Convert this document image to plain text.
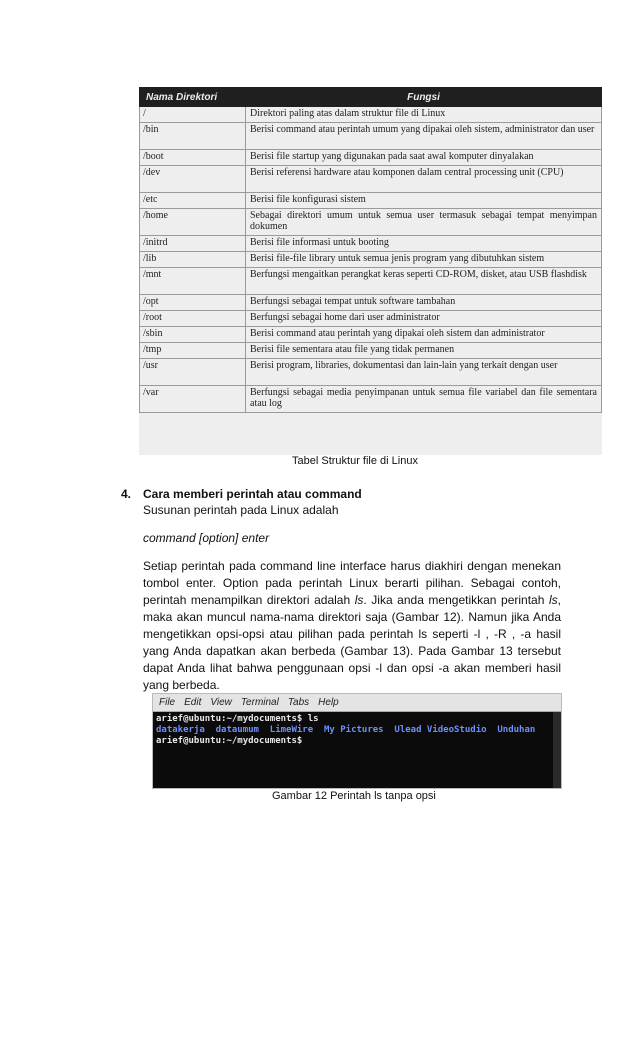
Nama Direktori	Fungsi
/	Direktori paling atas dalam struktur file di Linux
/bin	Berisi command atau perintah umum yang dipakai oleh sistem, administrator dan user
/boot	Berisi file startup yang digunakan pada saat awal komputer dinyalakan
/dev	Berisi referensi hardware atau komponen dalam central processing unit (CPU)
/etc	Berisi file konfigurasi sistem
/home	Sebagai direktori umum untuk semua user termasuk sebagai tempat menyimpan dokumen
/initrd	Berisi file informasi untuk booting
/lib	Berisi file-file library untuk semua jenis program yang dibutuhkan sistem
/mnt	Berfungsi mengaitkan perangkat keras seperti CD-ROM, disket, atau USB flashdisk
/opt	Berfungsi sebagai tempat untuk software tambahan
/root	Berfungsi sebagai home dari user administrator
/sbin	Berisi command atau perintah yang dipakai oleh sistem dan administrator
/tmp	Berisi file sementara atau file yang tidak permanen
/usr	Berisi program, libraries, dokumentasi dan lain-lain yang terkait dengan user
/var	Berfungsi sebagai media penyimpanan untuk semua file variabel dan file sementara atau log
Tabel Struktur file di Linux
4. Cara memberi perintah atau command
Susunan perintah pada Linux adalah
command [option] enter
Setiap perintah pada command line interface harus diakhiri dengan menekan tombol enter. Option pada perintah Linux berarti pilihan. Sebagai contoh, perintah menampilkan direktori adalah ls. Jika anda mengetikkan perintah ls, maka akan muncul nama-nama direktori saja (Gambar 12). Namun jika Anda mengetikkan opsi-opsi atau pilihan pada perintah ls seperti -l , -R , -a hasil yang Anda dapatkan akan berbeda (Gambar 13). Pada Gambar 13 tersebut dapat Anda lihat bahwa penggunaan opsi -l dan opsi -a akan memberi hasil yang berbeda.
File Edit View Terminal Tabs Help
arief@ubuntu:~/mydocuments$ ls
datakerja  dataumum  LimeWire  My Pictures  Ulead VideoStudio  Unduhan
arief@ubuntu:~/mydocuments$
Gambar 12 Perintah ls tanpa opsi
